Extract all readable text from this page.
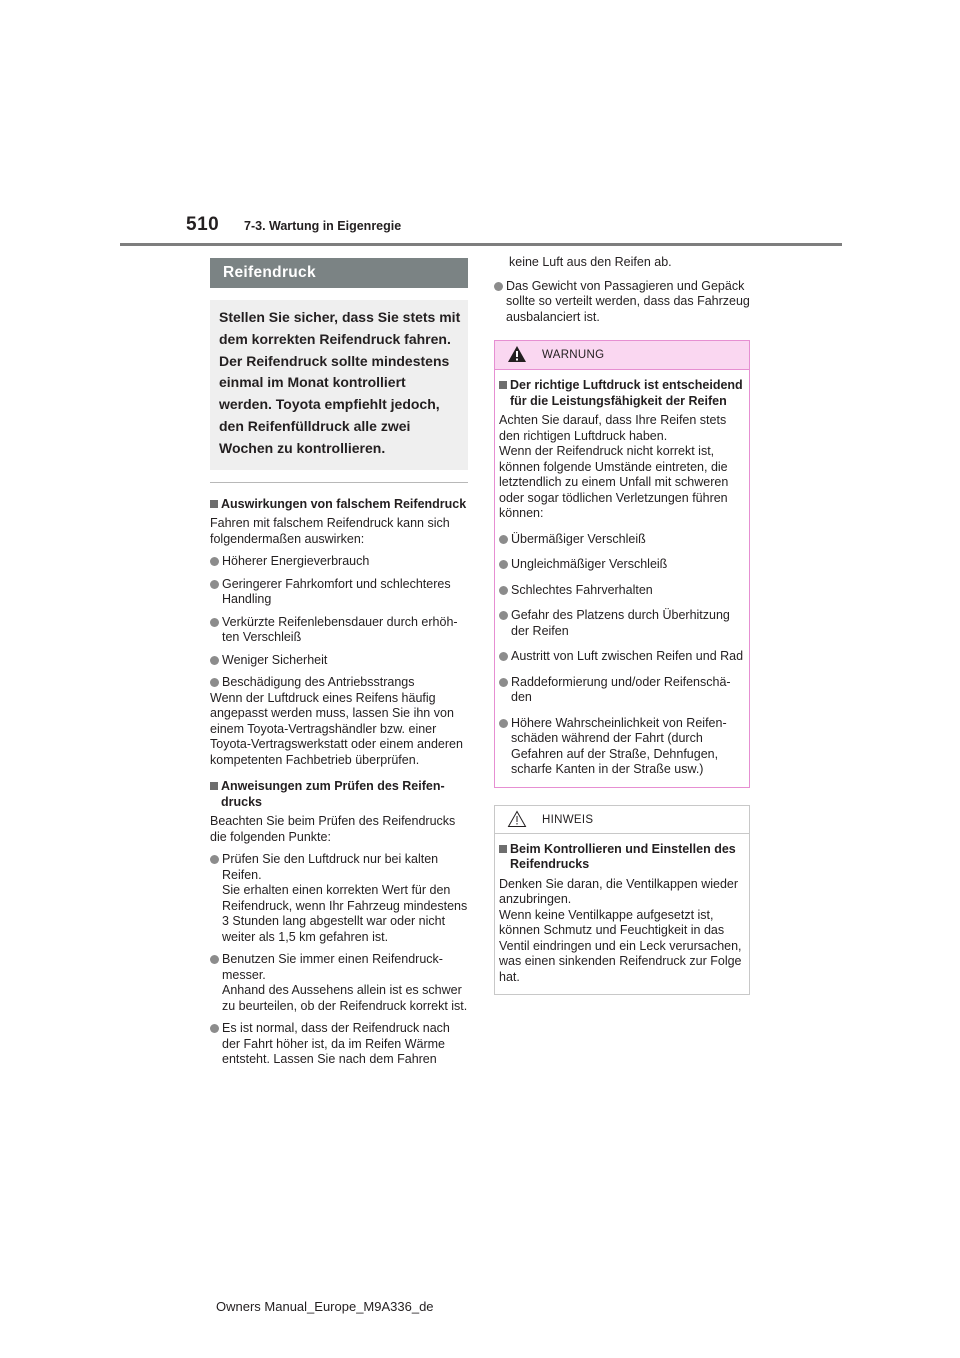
510 7-3. Wartung in Eigenregie
Reifendruck
Stellen Sie sicher, dass Sie stets mit dem korrekten Reifendruck fahren. Der Reifendruck sollte mindestens einmal im Monat kontrolliert werden. Toyota empfiehlt jedoch, den Reifenfülldruck alle zwei Wochen zu kontrollieren.
Auswirkungen von falschem Reifendruck
Fahren mit falschem Reifendruck kann sich folgendermaßen auswirken:
Höherer Energieverbrauch
Geringerer Fahrkomfort und schlechteres Handling
Verkürzte Reifenlebensdauer durch erhöhten Verschleiß
Weniger Sicherheit
Beschädigung des Antriebsstrangs
Wenn der Luftdruck eines Reifens häufig angepasst werden muss, lassen Sie ihn von einem Toyota-Vertragshändler bzw. einer Toyota-Vertragswerkstatt oder einem anderen kompetenten Fachbetrieb überprüfen.
Anweisungen zum Prüfen des Reifendrucks
Beachten Sie beim Prüfen des Reifendrucks die folgenden Punkte:
Prüfen Sie den Luftdruck nur bei kalten Reifen.
Sie erhalten einen korrekten Wert für den Reifendruck, wenn Ihr Fahrzeug mindestens 3 Stunden lang abgestellt war oder nicht weiter als 1,5 km gefahren ist.
Benutzen Sie immer einen Reifendruckmesser.
Anhand des Aussehens allein ist es schwer zu beurteilen, ob der Reifendruck korrekt ist.
Es ist normal, dass der Reifendruck nach der Fahrt höher ist, da im Reifen Wärme entsteht. Lassen Sie nach dem Fahren
keine Luft aus den Reifen ab.
Das Gewicht von Passagieren und Gepäck sollte so verteilt werden, dass das Fahrzeug ausbalanciert ist.
WARNUNG
Der richtige Luftdruck ist entscheidend für die Leistungsfähigkeit der Reifen
Achten Sie darauf, dass Ihre Reifen stets den richtigen Luftdruck haben.
Wenn der Reifendruck nicht korrekt ist, können folgende Umstände eintreten, die letztendlich zu einem Unfall mit schweren oder sogar tödlichen Verletzungen führen können:
Übermäßiger Verschleiß
Ungleichmäßiger Verschleiß
Schlechtes Fahrverhalten
Gefahr des Platzens durch Überhitzung der Reifen
Austritt von Luft zwischen Reifen und Rad
Raddeformierung und/oder Reifenschäden
Höhere Wahrscheinlichkeit von Reifenschäden während der Fahrt (durch Gefahren auf der Straße, Dehnfugen, scharfe Kanten in der Straße usw.)
HINWEIS
Beim Kontrollieren und Einstellen des Reifendrucks
Denken Sie daran, die Ventilkappen wieder anzubringen.
Wenn keine Ventilkappe aufgesetzt ist, können Schmutz und Feuchtigkeit in das Ventil eindringen und ein Leck verursachen, was einen sinkenden Reifendruck zur Folge hat.
Owners Manual_Europe_M9A336_de
